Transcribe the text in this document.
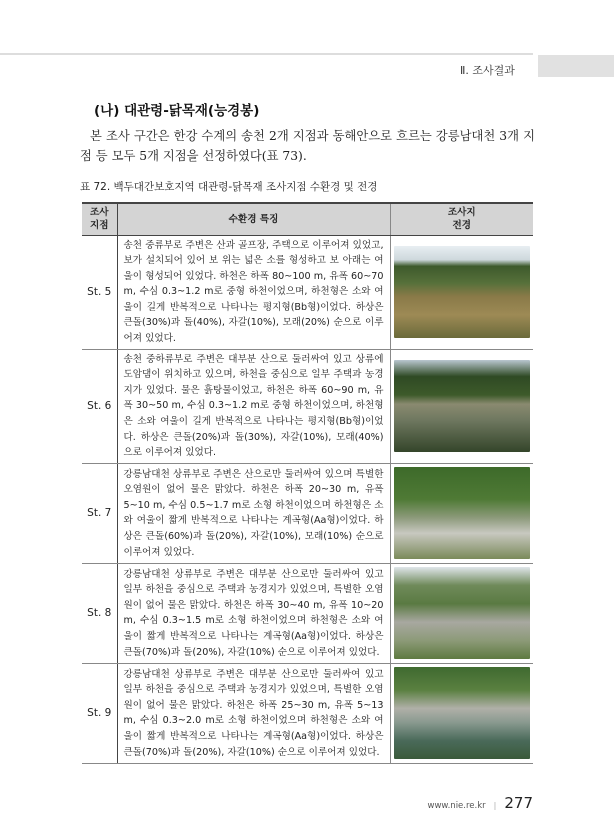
Ⅱ. 조사결과
(나) 대관령-닭목재(능경봉)

본 조사 구간은 한강 수계의 송천 2개 지점과 동해안으로 흐르는 강릉남대천 3개 지점 등 모두 5개 지점을 선정하였다(표 73).

표 72. 백두대간보호지역 대관령-닭목재 조사지점 수환경 및 전경
조사
지점	수환경 특징	조사지
전경
St. 5	송천 중류부로 주변은 산과 골프장, 주택으로 이루어져 있었고, 보가 설치되어 있어 보 위는 넓은 소를 형성하고 보 아래는 여울이 형성되어 있었다. 하천은 하폭 80~100 m, 유폭 60~70 m, 수심 0.3~1.2 m로 중형 하천이었으며, 하천형은 소와 여울이 길게 반복적으로 나타나는 평지형(Bb형)이었다. 하상은 큰돌(30%)과 돌(40%), 자갈(10%), 모래(20%) 순으로 이루어져 있었다.	

St. 6	송천 중하류부로 주변은 대부분 산으로 둘러싸여 있고 상류에 도암댐이 위치하고 있으며, 하천을 중심으로 일부 주택과 농경지가 있었다. 물은 흙탕물이었고, 하천은 하폭 60~90 m, 유폭 30~50 m, 수심 0.3~1.2 m로 중형 하천이었으며, 하천형은 소와 여울이 길게 반복적으로 나타나는 평지형(Bb형)이었다. 하상은 큰돌(20%)과 돌(30%), 자갈(10%), 모래(40%)으로 이루어져 있었다.	

St. 7	강릉남대천 상류부로 주변은 산으로만 둘러싸여 있으며 특별한 오염원이 없어 물은 맑았다. 하천은 하폭 20~30 m, 유폭 5~10 m, 수심 0.5~1.7 m로 소형 하천이었으며 하천형은 소와 여울이 짧게 반복적으로 나타나는 계곡형(Aa형)이었다. 하상은 큰돌(60%)과 돌(20%), 자갈(10%), 모래(10%) 순으로 이루어져 있었다.	

St. 8	강릉남대천 상류부로 주변은 대부분 산으로만 둘러싸여 있고 일부 하천을 중심으로 주택과 농경지가 있었으며, 특별한 오염원이 없어 물은 맑았다. 하천은 하폭 30~40 m, 유폭 10~20 m, 수심 0.3~1.5 m로 소형 하천이었으며 하천형은 소와 여울이 짧게 반복적으로 나타나는 계곡형(Aa형)이었다. 하상은 큰돌(70%)과 돌(20%), 자갈(10%) 순으로 이루어져 있었다.	

St. 9	강릉남대천 상류부로 주변은 대부분 산으로만 둘러싸여 있고 일부 하천을 중심으로 주택과 농경지가 있었으며, 특별한 오염원이 없어 물은 맑았다. 하천은 하폭 25~30 m, 유폭 5~13 m, 수심 0.3~2.0 m로 소형 하천이었으며 하천형은 소와 여울이 짧게 반복적으로 나타나는 계곡형(Aa형)이었다. 하상은 큰돌(70%)과 돌(20%), 자갈(10%) 순으로 이루어져 있었다.	
www.nie.re.kr | 277
